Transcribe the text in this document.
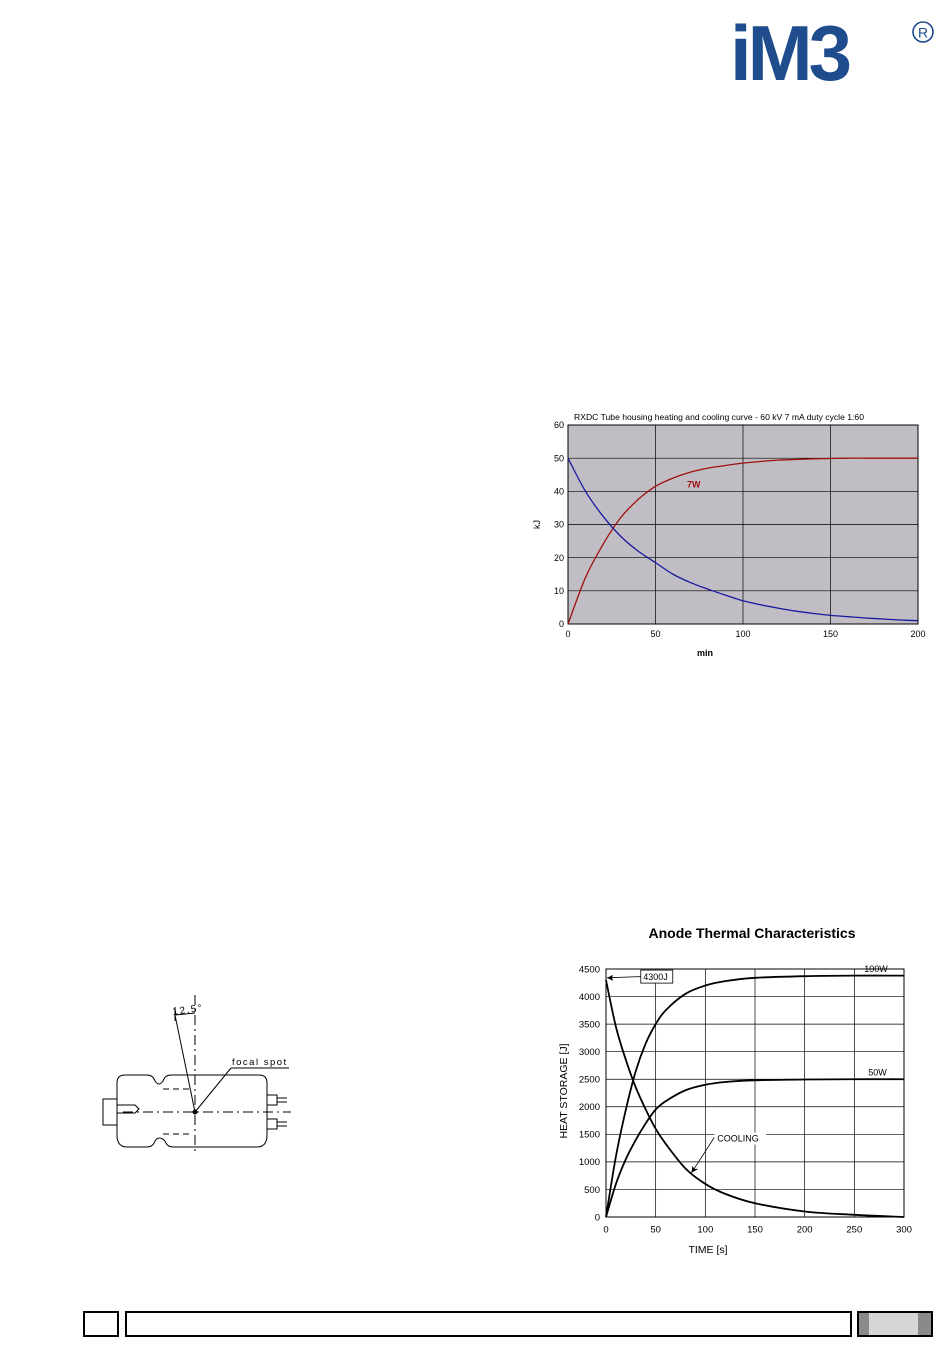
iM3	R
RXDC Tube housing heating and cooling curve - 60 kV 7 mA duty cycle 1:60
0	50	100	150	200
0
10
20
30
40
50
60
min
kJ
7W
Anode Thermal Characteristics
0	50	100	150	200	250	300
0
500
1000
1500
2000
2500
3000
3500
4000
4500
TIME [s]
HEAT STORAGE [J]
100W
50W
4300J
COOLING
12.5°
focal spot
